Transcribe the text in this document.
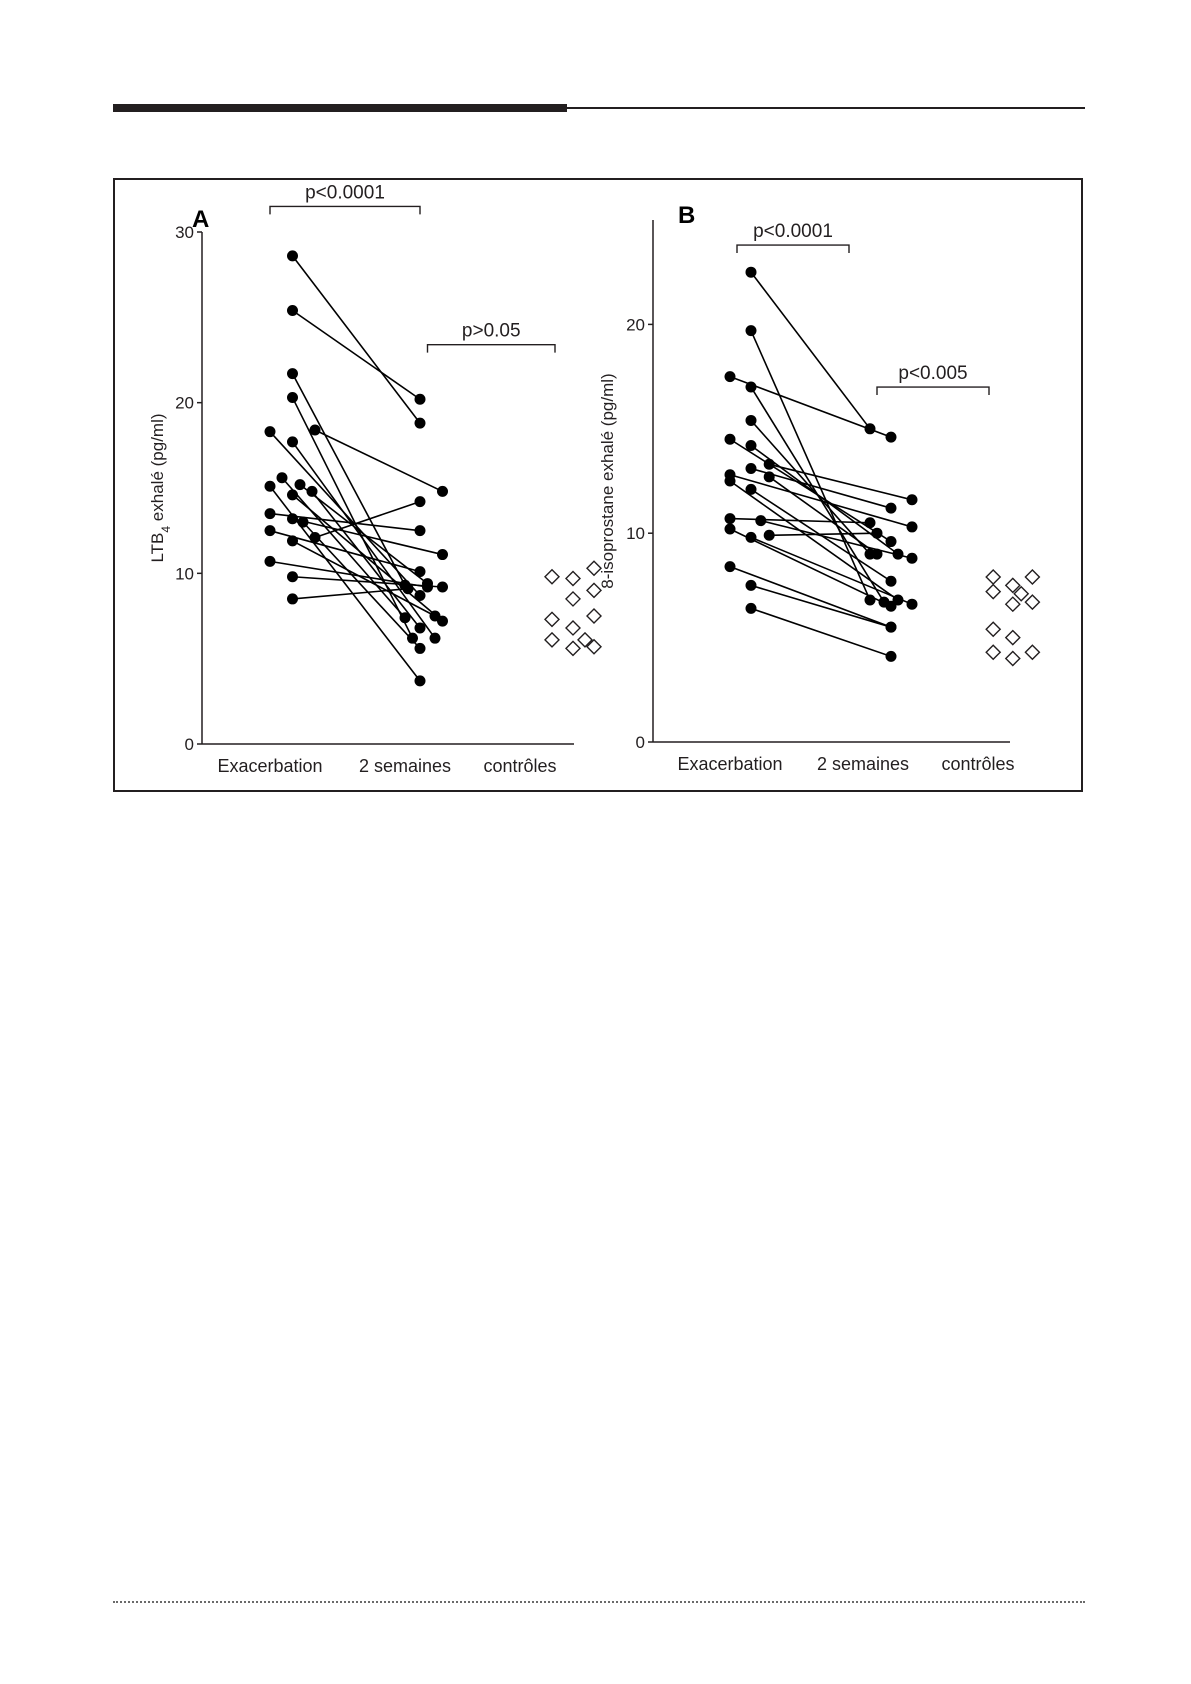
A
0
10
20
30
$LTB_4$ exhalé (pg/ml)
Exacerbation 2 semaines contrôles
p<0.0001
p>0.05
B
0
10
20
8-isoprostane exhalé (pg/ml)
Exacerbation 2 semaines contrôles
p<0.0001
p<0.005
